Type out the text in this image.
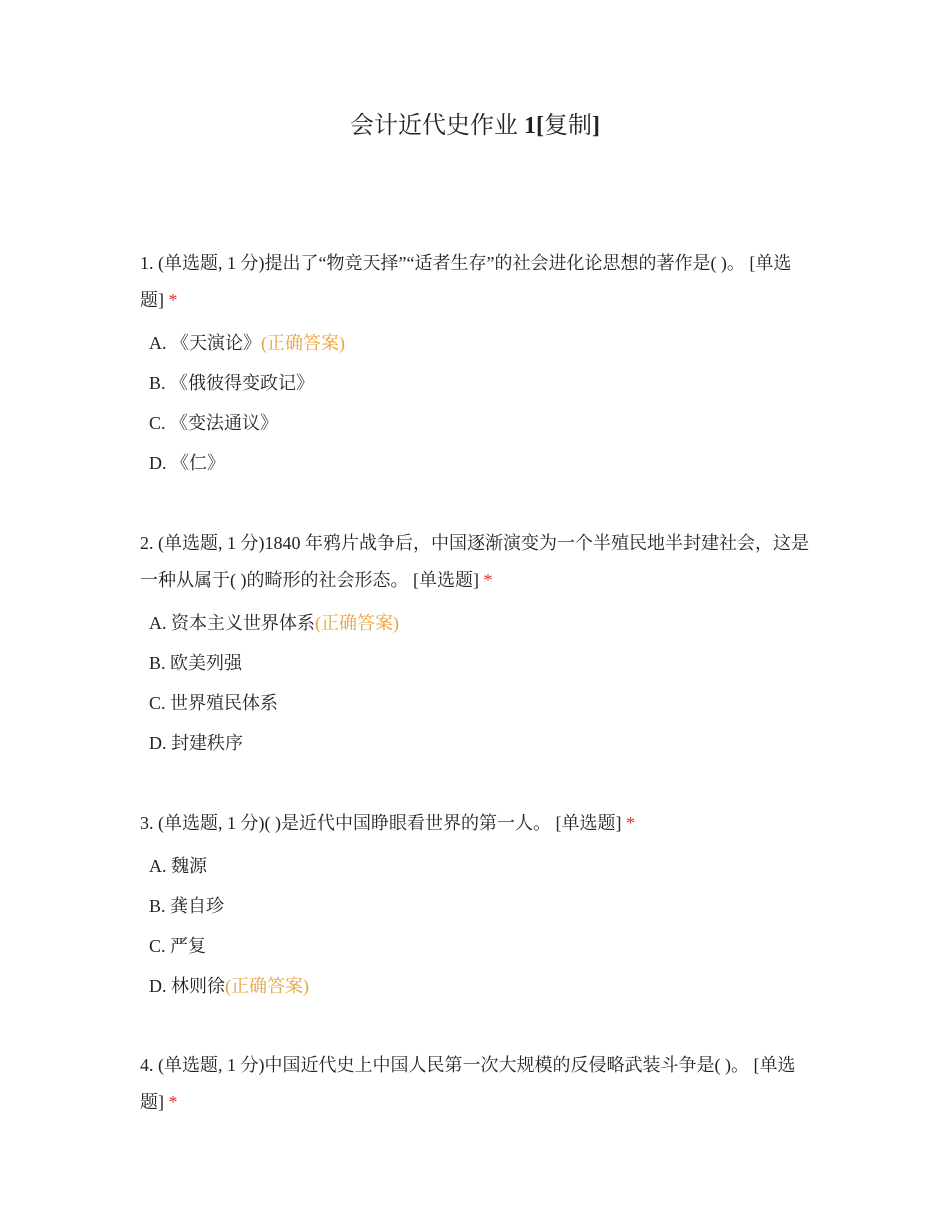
会计近代史作业 1[复制]

1. (单选题, 1 分)提出了“物竞天择”“适者生存”的社会进化论思想的著作是( )。 [单选题] *

A. 《天演论》(正确答案)
B. 《俄彼得变政记》
C. 《变法通议》
D. 《仁》

2. (单选题, 1 分)1840 年鸦片战争后，中国逐渐演变为一个半殖民地半封建社会，这是一种从属于( )的畸形的社会形态。 [单选题] *

A. 资本主义世界体系(正确答案)
B. 欧美列强
C. 世界殖民体系
D. 封建秩序

3. (单选题, 1 分)( )是近代中国睁眼看世界的第一人。 [单选题] *

A. 魏源
B. 龚自珍
C. 严复
D. 林则徐(正确答案)

4. (单选题, 1 分)中国近代史上中国人民第一次大规模的反侵略武装斗争是( )。 [单选题] *
